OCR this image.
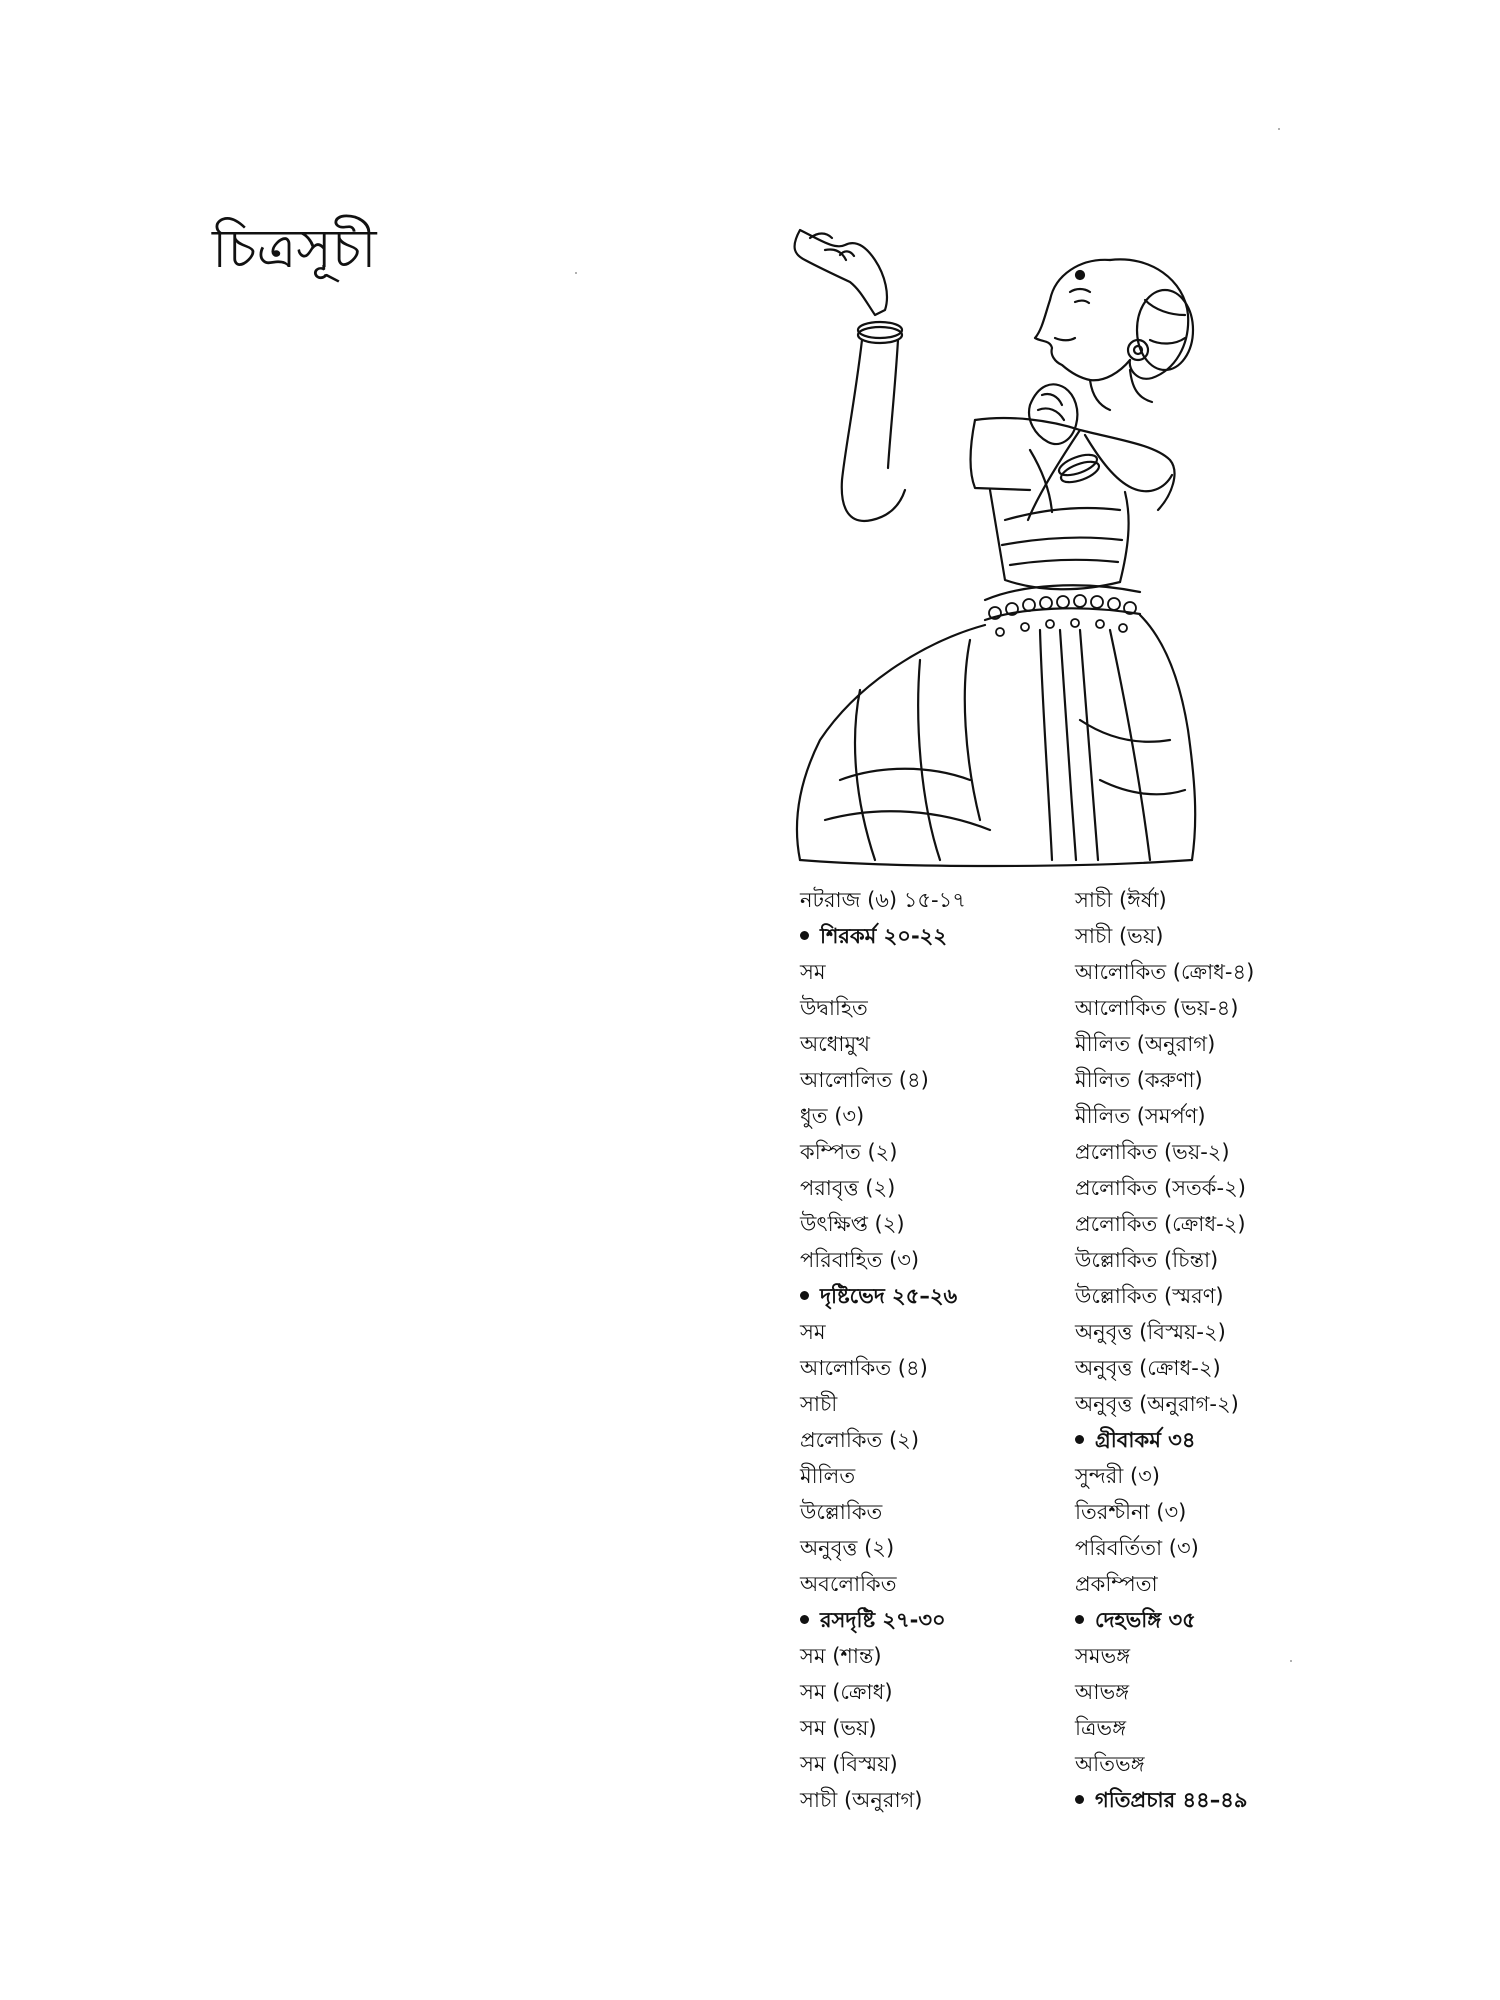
চিত্রসূচী
নটরাজ (৬) ১৫-১৭
শিরকর্ম ২০-২২
সম
উদ্বাহিত
অধোমুখ
আলোলিত (৪)
ধুত (৩)
কম্পিত (২)
পরাবৃত্ত (২)
উৎক্ষিপ্ত (২)
পরিবাহিত (৩)
দৃষ্টিভেদ ২৫–২৬
সম
আলোকিত (৪)
সাচী
প্রলোকিত (২)
মীলিত
উল্লোকিত
অনুবৃত্ত (২)
অবলোকিত
রসদৃষ্টি ২৭-৩০
সম (শান্ত)
সম (ক্রোধ)
সম (ভয়)
সম (বিস্ময়)
সাচী (অনুরাগ)
সাচী (ঈর্ষা)
সাচী (ভয়)
আলোকিত (ক্রোধ-৪)
আলোকিত (ভয়-৪)
মীলিত (অনুরাগ)
মীলিত (করুণা)
মীলিত (সমর্পণ)
প্রলোকিত (ভয়-২)
প্রলোকিত (সতর্ক-২)
প্রলোকিত (ক্রোধ-২)
উল্লোকিত (চিন্তা)
উল্লোকিত (স্মরণ)
অনুবৃত্ত (বিস্ময়-২)
অনুবৃত্ত (ক্রোধ-২)
অনুবৃত্ত (অনুরাগ-২)
গ্রীবাকর্ম ৩৪
সুন্দরী (৩)
তিরশ্চীনা (৩)
পরিবর্তিতা (৩)
প্রকম্পিতা
দেহভঙ্গি ৩৫
সমভঙ্গ
আভঙ্গ
ত্রিভঙ্গ
অতিভঙ্গ
গতিপ্রচার ৪৪–৪৯
